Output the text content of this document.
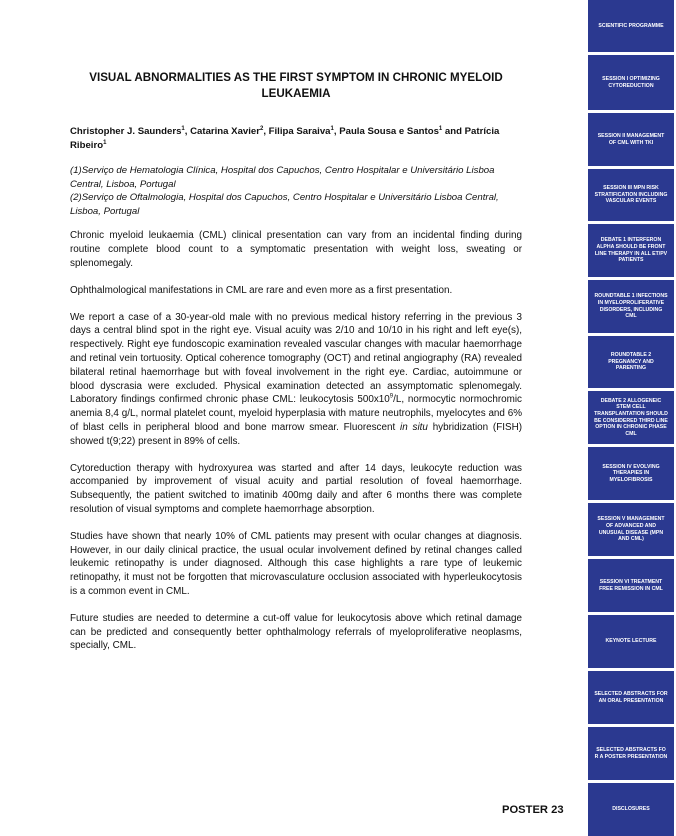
VISUAL ABNORMALITIES AS THE FIRST SYMPTOM IN CHRONIC MYELOID LEUKAEMIA

Christopher J. Saunders$^1$, Catarina Xavier$^2$, Filipa Saraiva$^1$, Paula Sousa e Santos$^1$ and Patrícia Ribeiro$^1$

(1)Serviço de Hematologia Clínica, Hospital dos Capuchos, Centro Hospitalar e Universitário Lisboa Central, Lisboa, Portugal
(2)Serviço de Oftalmologia, Hospital dos Capuchos, Centro Hospitalar e Universitário Lisboa Central, Lisboa, Portugal

Chronic myeloid leukaemia (CML) clinical presentation can vary from an incidental finding during routine complete blood count to a symptomatic presentation with weight loss, sweating or splenomegaly.

Ophthalmological manifestations in CML are rare and even more as a first presentation.

We report a case of a 30-year-old male with no previous medical history referring in the previous 3 days a central blind spot in the right eye. Visual acuity was 2/10 and 10/10 in his right and left eye(s), respectively. Right eye fundoscopic examination revealed vascular changes with macular haemorrhage and retinal vein tortuosity. Optical coherence tomography (OCT) and retinal angiography (RA) revealed bilateral retinal haemorrhage but with foveal involvement in the right eye. Cardiac, autoimmune or blood dyscrasia were excluded. Physical examination detected an assymptomatic splenomegaly. Laboratory findings confirmed chronic phase CML: leukocytosis $500x10^9/L$, normocytic normochromic anemia 8,4 g/L, normal platelet count, myeloid hyperplasia with mature neutrophils, myelocytes and 6% of blast cells in peripheral blood and bone marrow smear. Fluorescent in situ hybridization (FISH) showed t(9;22) present in 89% of cells.

Cytoreduction therapy with hydroxyurea was started and after 14 days, leukocyte reduction was accompanied by improvement of visual acuity and partial resolution of foveal haemorrhage. Subsequently, the patient switched to imatinib 400mg daily and after 6 months there was complete resolution of visual symptoms and complete haemorrhage absorption.

Studies have shown that nearly 10% of CML patients may present with ocular changes at diagnosis. However, in our daily clinical practice, the usual ocular involvement defined by retinal changes called leukemic retinopathy is under diagnosed. Although this case highlights a rare type of leukemic retinopathy, it must not be forgotten that microvasculature occlusion associated with hyperleukocytosis is a common event in CML.

Future studies are needed to determine a cut-off value for leukocytosis above which retinal damage can be predicted and consequently better ophthalmology referrals of myeloproliferative neoplasms, specially, CML.

POSTER 23
SCIENTIFIC PROGRAMME
SESSION I OPTIMIZING CYTOREDUCTION
SESSION II MANAGEMENT OF CML WITH TKI
SESSION III MPN RISK STRATIFICATION INCLUDING VASCULAR EVENTS
DEBATE 1 INTERFERON ALPHA SHOULD BE FRONT LINE THERAPY IN ALL ET/PV PATIENTS
ROUNDTABLE 1 INFECTIONS IN MYELOPROLIFERATIVE DISORDERS, INCLUDING CML
ROUNDTABLE 2 PREGNANCY AND PARENTING
DEBATE 2 ALLOGENEIC STEM CELL TRANSPLANTATION SHOULD BE CONSIDERED THIRD LINE OPTION IN CHRONIC PHASE CML
SESSION IV EVOLVING THERAPIES IN MYELOFIBROSIS
SESSION V MANAGEMENT OF ADVANCED AND UNUSUAL DISEASE (MPN AND CML)
SESSION VI TREATMENT FREE REMISSION IN CML
KEYNOTE LECTURE
SELECTED ABSTRACTS FOR AN ORAL PRESENTATION
SELECTED ABSTRACTS FO R A POSTER PRESENTATION
DISCLOSURES
